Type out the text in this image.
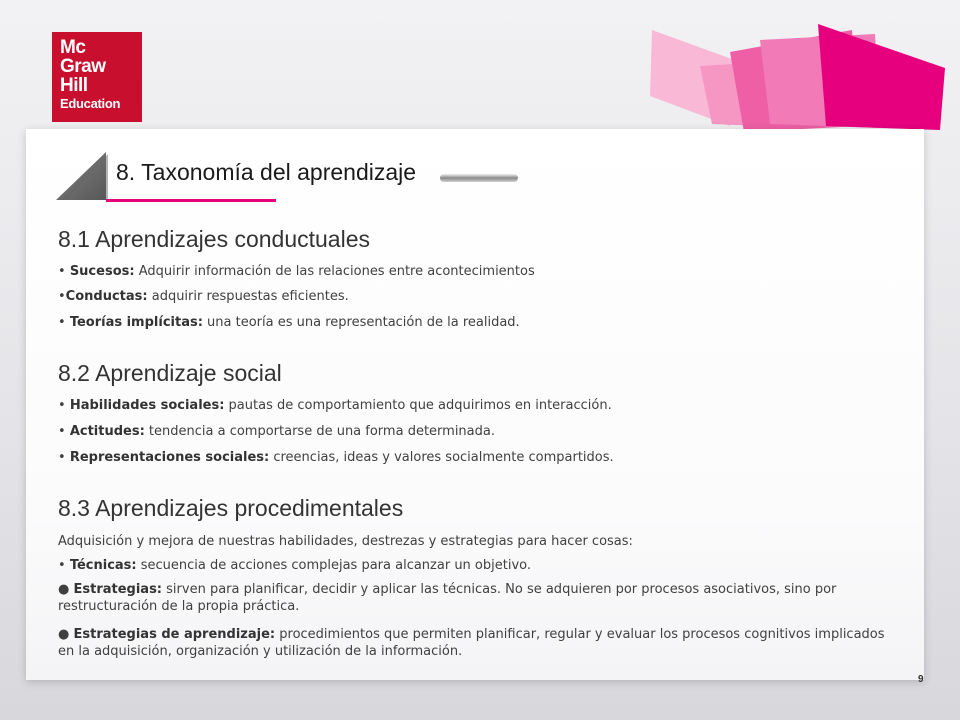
Mc
Graw
Hill
Education
8. Taxonomía del aprendizaje
8.1 Aprendizajes conductuales
• Sucesos: Adquirir información de las relaciones entre acontecimientos
•Conductas: adquirir respuestas eficientes.
• Teorías implícitas: una teoría es una representación de la realidad.
8.2 Aprendizaje social
• Habilidades sociales: pautas de comportamiento que adquirimos en interacción.
• Actitudes: tendencia a comportarse de una forma determinada.
• Representaciones sociales: creencias, ideas y valores socialmente compartidos.
8.3 Aprendizajes procedimentales
Adquisición y mejora de nuestras habilidades, destrezas y estrategias para hacer cosas:
• Técnicas: secuencia de acciones complejas para alcanzar un objetivo.
● Estrategias: sirven para planificar, decidir y aplicar las técnicas. No se adquieren por procesos asociativos, sino por restructuración de la propia práctica.
● Estrategias de aprendizaje: procedimientos que permiten planificar, regular y evaluar los procesos cognitivos implicados en la adquisición, organización y utilización de la información.
9
